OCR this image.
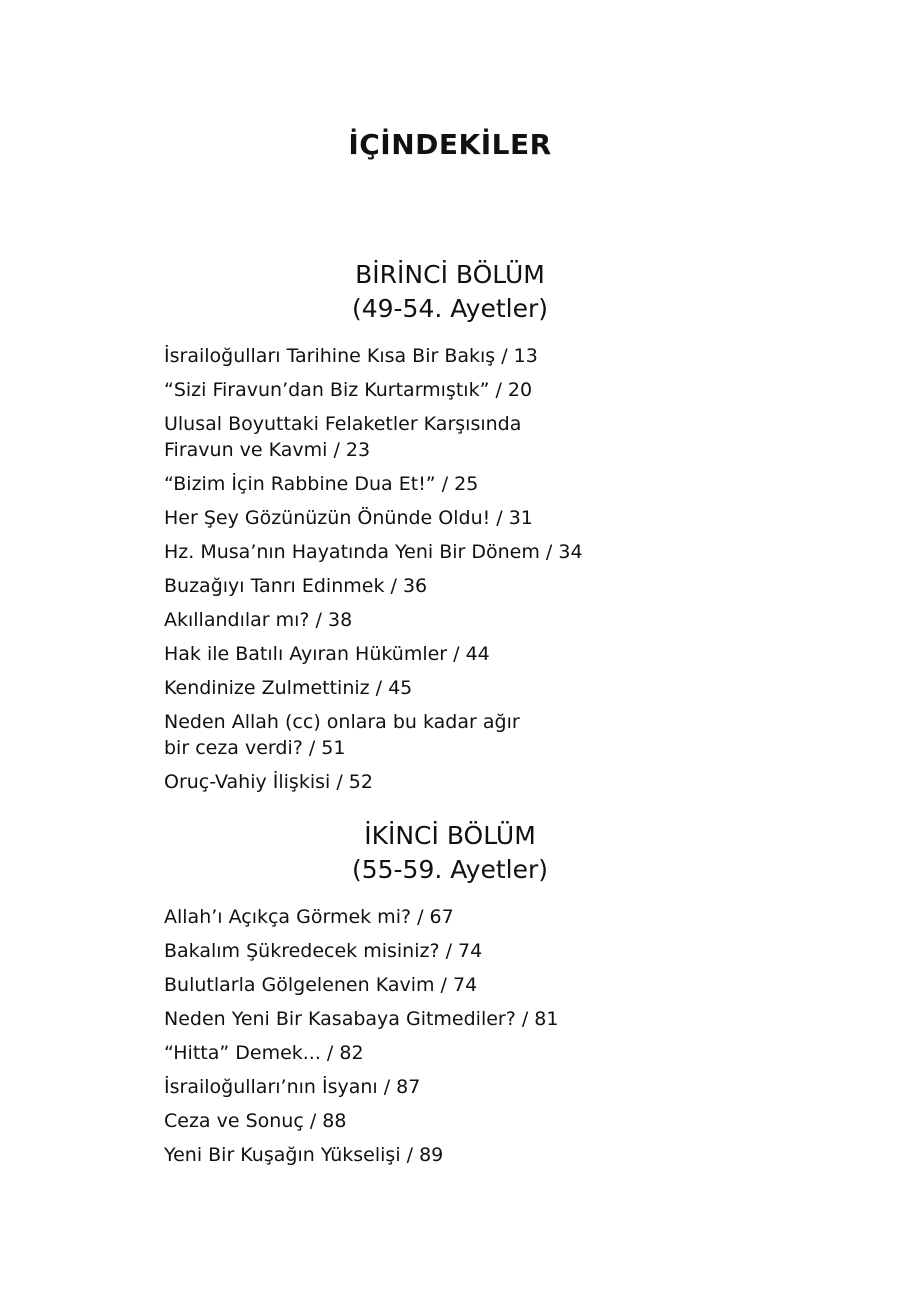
İÇİNDEKİLER
BİRİNCİ BÖLÜM
(49-54. Ayetler)
İsrailoğulları Tarihine Kısa Bir Bakış / 13
“Sizi Firavun’dan Biz Kurtarmıştık” / 20
Ulusal Boyuttaki Felaketler Karşısında
Firavun ve Kavmi / 23
“Bizim İçin Rabbine Dua Et!” / 25
Her Şey Gözünüzün Önünde Oldu! / 31
Hz. Musa’nın Hayatında Yeni Bir Dönem / 34
Buzağıyı Tanrı Edinmek / 36
Akıllandılar mı? / 38
Hak ile Batılı Ayıran Hükümler / 44
Kendinize Zulmettiniz / 45
Neden Allah (cc) onlara bu kadar ağır
bir ceza verdi? / 51
Oruç-Vahiy İlişkisi / 52
İKİNCİ BÖLÜM
(55-59. Ayetler)
Allah’ı Açıkça Görmek mi? / 67
Bakalım Şükredecek misiniz? / 74
Bulutlarla Gölgelenen Kavim / 74
Neden Yeni Bir Kasabaya Gitmediler? / 81
“Hitta” Demek... / 82
İsrailoğulları’nın İsyanı / 87
Ceza ve Sonuç / 88
Yeni Bir Kuşağın Yükselişi / 89
